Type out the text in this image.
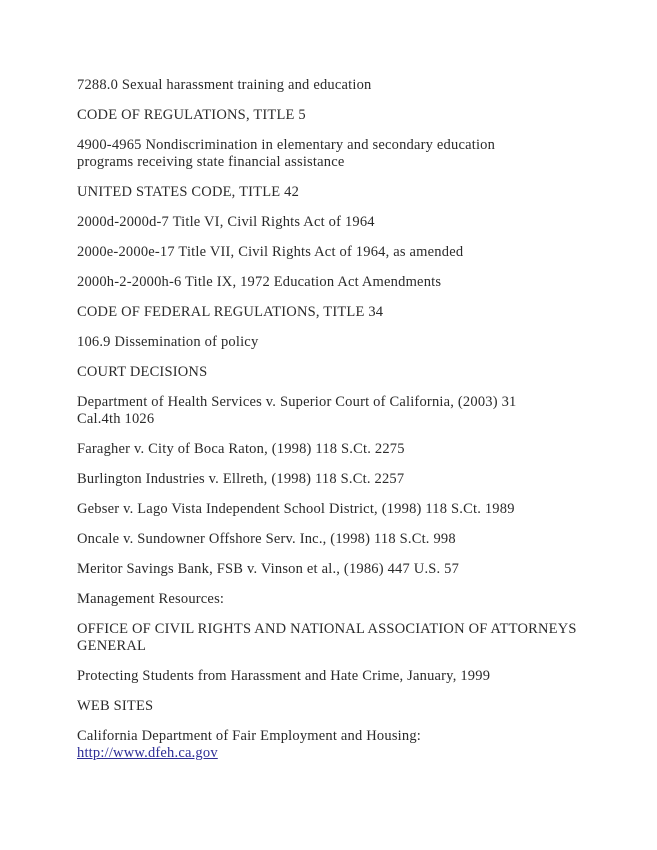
7288.0 Sexual harassment training and education

CODE OF REGULATIONS, TITLE 5

4900-4965 Nondiscrimination in elementary and secondary education
programs receiving state financial assistance

UNITED STATES CODE, TITLE 42

2000d-2000d-7 Title VI, Civil Rights Act of 1964

2000e-2000e-17 Title VII, Civil Rights Act of 1964, as amended

2000h-2-2000h-6 Title IX, 1972 Education Act Amendments

CODE OF FEDERAL REGULATIONS, TITLE 34

106.9 Dissemination of policy

COURT DECISIONS

Department of Health Services v. Superior Court of California, (2003) 31
Cal.4th 1026

Faragher v. City of Boca Raton, (1998) 118 S.Ct. 2275

Burlington Industries v. Ellreth, (1998) 118 S.Ct. 2257

Gebser v. Lago Vista Independent School District, (1998) 118 S.Ct. 1989

Oncale v. Sundowner Offshore Serv. Inc., (1998) 118 S.Ct. 998

Meritor Savings Bank, FSB v. Vinson et al., (1986) 447 U.S. 57

Management Resources:

OFFICE OF CIVIL RIGHTS AND NATIONAL ASSOCIATION OF ATTORNEYS
GENERAL

Protecting Students from Harassment and Hate Crime, January, 1999

WEB SITES

California Department of Fair Employment and Housing:
http://www.dfeh.ca.gov
